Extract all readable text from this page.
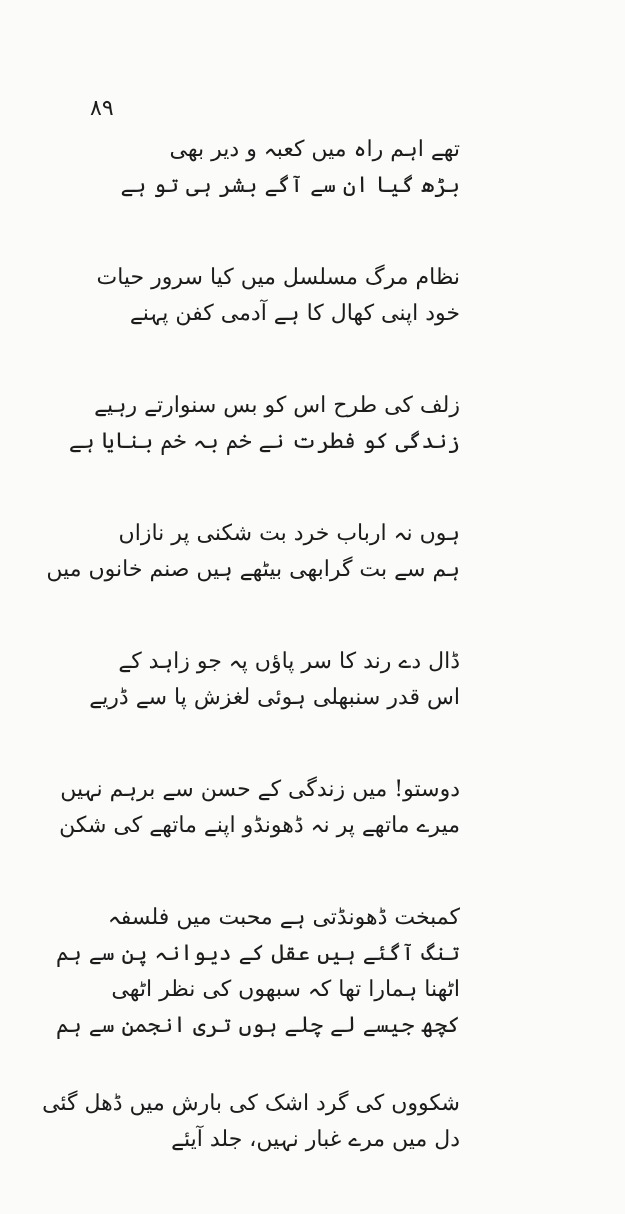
۸۹
تھے اہم راہ میں کعبہ و دیر بھی
بڑھ گیا ان سے آگے بشر ہی تو ہے
نظام مرگ مسلسل میں کیا سرور حیات
خود اپنی کھال کا ہے آدمی کفن پہنے
زلف کی طرح اس کو بس سنوارتے رہیے
زندگی کو فطرت نے خم بہ خم بنایا ہے
ہوں نہ ارباب خرد بت شکنی پر نازاں
ہم سے بت گرابھی بیٹھے ہیں صنم خانوں میں
ڈال دے رند کا سر پاؤں پہ جو زاہد کے
اس قدر سنبھلی ہوئی لغزش پا سے ڈریے
دوستو! میں زندگی کے حسن سے برہم نہیں
میرے ماتھے پر نہ ڈھونڈو اپنے ماتھے کی شکن
کمبخت ڈھونڈتی ہے محبت میں فلسفہ
تنگ آگئے ہیں عقل کے دیوانہ پن سے ہم
اٹھنا ہمارا تھا کہ سبھوں کی نظر اٹھی
کچھ جیسے لے چلے ہوں تری انجمن سے ہم
شکووں کی گرد اشک کی بارش میں ڈھل گئی
دل میں مرے غبار نہیں، جلد آیئے
